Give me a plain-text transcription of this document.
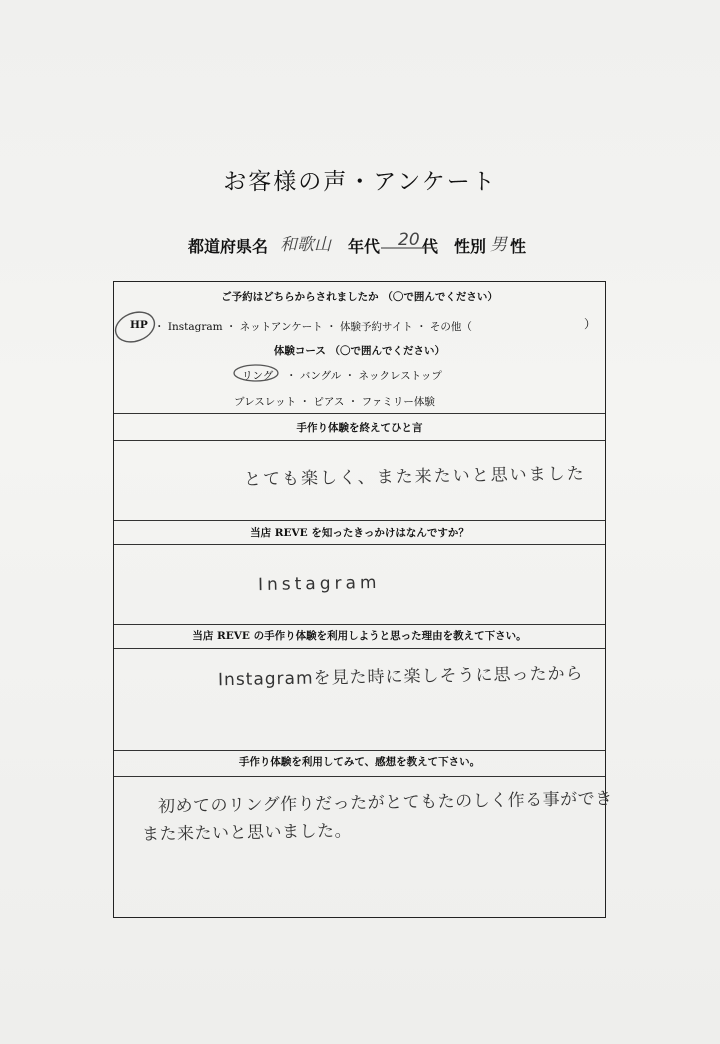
お客様の声・アンケート
都道府県名 和歌山 年代 20 代 性別 男 性
ご予約はどちらからされましたか （〇で囲んでください）
HP ・ Instagram ・ ネットアンケート ・ 体験予約サイト ・ その他（	）
体験コース （〇で囲んでください）
リング ・ バングル ・ ネックレストップ
ブレスレット ・ ピアス ・ ファミリー体験
手作り体験を終えてひと言
とても楽しく、また来たいと思いました
当店 REVE を知ったきっかけはなんですか？
Instagram
当店 REVE の手作り体験を利用しようと思った理由を教えて下さい。
Instagramを見た時に楽しそうに思ったから
手作り体験を利用してみて、感想を教えて下さい。
初めてのリング作りだったがとてもたのしく作る事ができ
また来たいと思いました。
